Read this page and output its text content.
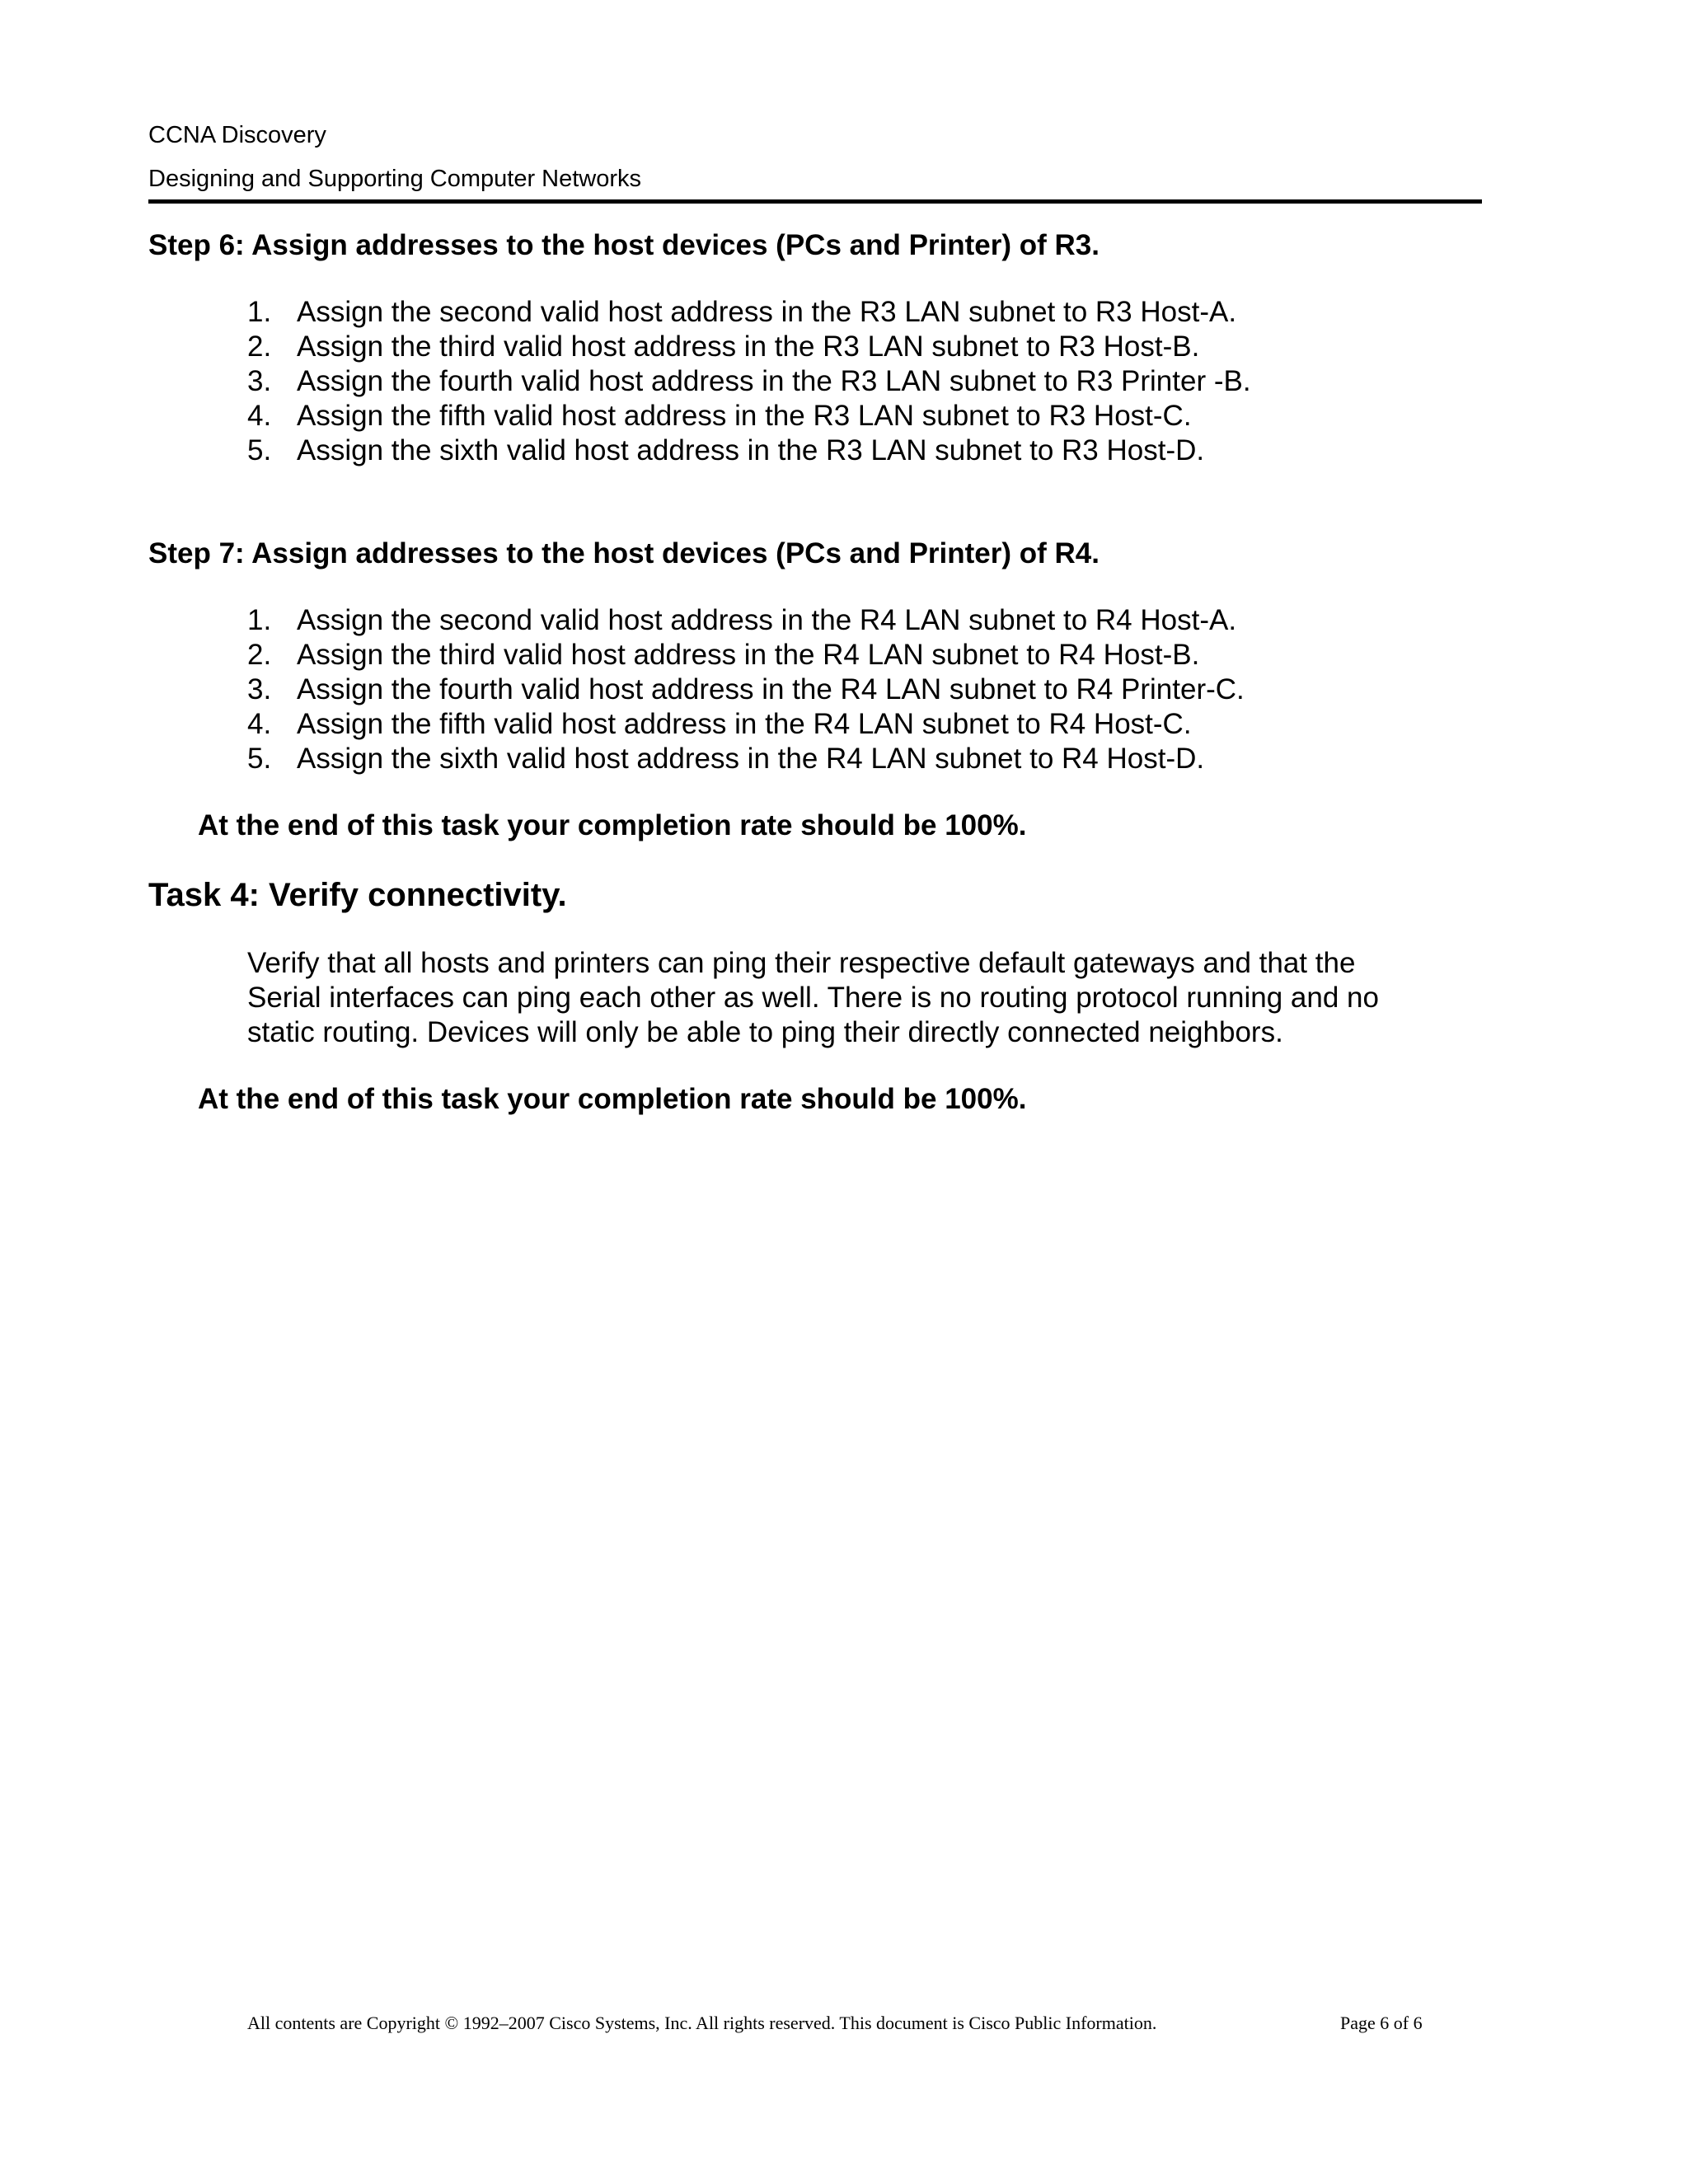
CCNA Discovery
Designing and Supporting Computer Networks
Step 6: Assign addresses to the host devices (PCs and Printer) of R3.
1. Assign the second valid host address in the R3 LAN subnet to R3 Host-A.
2. Assign the third valid host address in the R3 LAN subnet to R3 Host-B.
3. Assign the fourth valid host address in the R3 LAN subnet to R3 Printer -B.
4. Assign the fifth valid host address in the R3 LAN subnet to R3 Host-C.
5. Assign the sixth valid host address in the R3 LAN subnet to R3 Host-D.
Step 7: Assign addresses to the host devices (PCs and Printer) of R4.
1. Assign the second valid host address in the R4 LAN subnet to R4 Host-A.
2. Assign the third valid host address in the R4 LAN subnet to R4 Host-B.
3. Assign the fourth valid host address in the R4 LAN subnet to R4 Printer-C.
4. Assign the fifth valid host address in the R4 LAN subnet to R4 Host-C.
5. Assign the sixth valid host address in the R4 LAN subnet to R4 Host-D.

At the end of this task your completion rate should be 100%.

Task 4: Verify connectivity.

Verify that all hosts and printers can ping their respective default gateways and that the Serial interfaces can ping each other as well. There is no routing protocol running and no static routing. Devices will only be able to ping their directly connected neighbors.

At the end of this task your completion rate should be 100%.

All contents are Copyright © 1992–2007 Cisco Systems, Inc. All rights reserved. This document is Cisco Public Information.	Page 6 of 6
